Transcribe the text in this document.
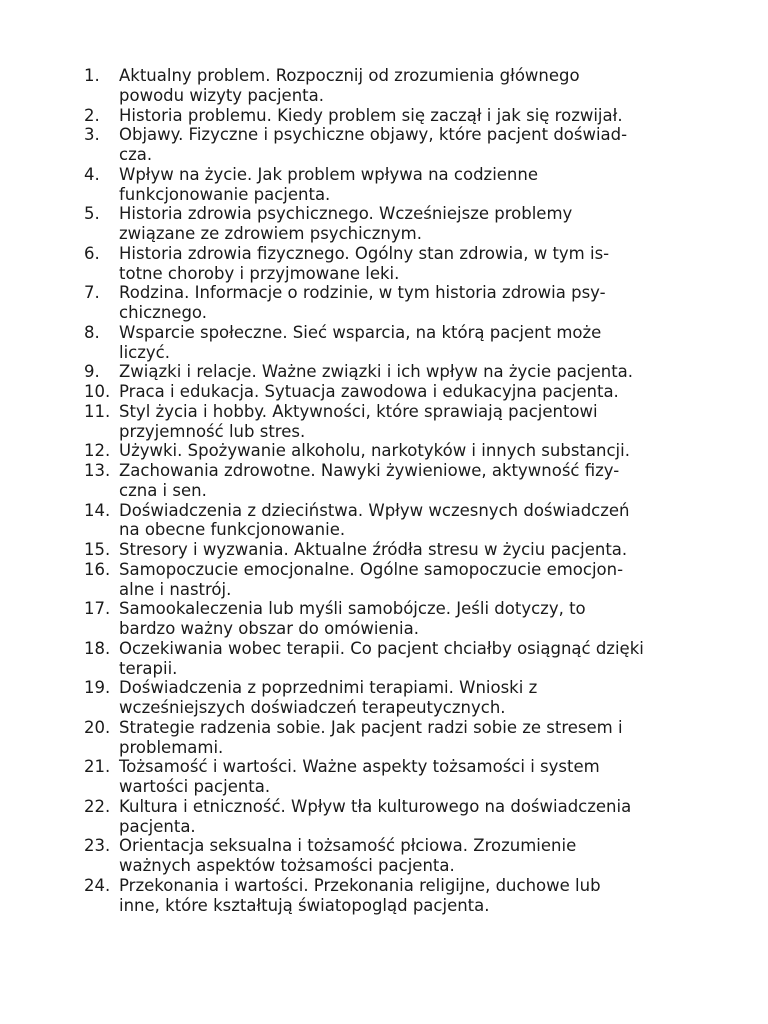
1.	Aktualny problem. Rozpocznij od zrozumienia głównego
powodu wizyty pacjenta.
2.	Historia problemu. Kiedy problem się zaczął i jak się rozwijał.
3.	Objawy. Fizyczne i psychiczne objawy, które pacjent doświad-
cza.
4.	Wpływ na życie. Jak problem wpływa na codzienne
funkcjonowanie pacjenta.
5.	Historia zdrowia psychicznego. Wcześniejsze problemy
związane ze zdrowiem psychicznym.
6.	Historia zdrowia fizycznego. Ogólny stan zdrowia, w tym is-
totne choroby i przyjmowane leki.
7.	Rodzina. Informacje o rodzinie, w tym historia zdrowia psy-
chicznego.
8.	Wsparcie społeczne. Sieć wsparcia, na którą pacjent może
liczyć.
9.	Związki i relacje. Ważne związki i ich wpływ na życie pacjenta.
10. Praca i edukacja. Sytuacja zawodowa i edukacyjna pacjenta.
11. Styl życia i hobby. Aktywności, które sprawiają pacjentowi
przyjemność lub stres.
12. Używki. Spożywanie alkoholu, narkotyków i innych substancji.
13. Zachowania zdrowotne. Nawyki żywieniowe, aktywność fizy-
czna i sen.
14. Doświadczenia z dzieciństwa. Wpływ wczesnych doświadczeń
na obecne funkcjonowanie.
15. Stresory i wyzwania. Aktualne źródła stresu w życiu pacjenta.
16. Samopoczucie emocjonalne. Ogólne samopoczucie emocjon-
alne i nastrój.
17. Samookaleczenia lub myśli samobójcze. Jeśli dotyczy, to
bardzo ważny obszar do omówienia.
18. Oczekiwania wobec terapii. Co pacjent chciałby osiągnąć dzięki
terapii.
19. Doświadczenia z poprzednimi terapiami. Wnioski z
wcześniejszych doświadczeń terapeutycznych.
20. Strategie radzenia sobie. Jak pacjent radzi sobie ze stresem i
problemami.
21. Tożsamość i wartości. Ważne aspekty tożsamości i system
wartości pacjenta.
22. Kultura i etniczność. Wpływ tła kulturowego na doświadczenia
pacjenta.
23. Orientacja seksualna i tożsamość płciowa. Zrozumienie
ważnych aspektów tożsamości pacjenta.
24. Przekonania i wartości. Przekonania religijne, duchowe lub
inne, które kształtują światopogląd pacjenta.
